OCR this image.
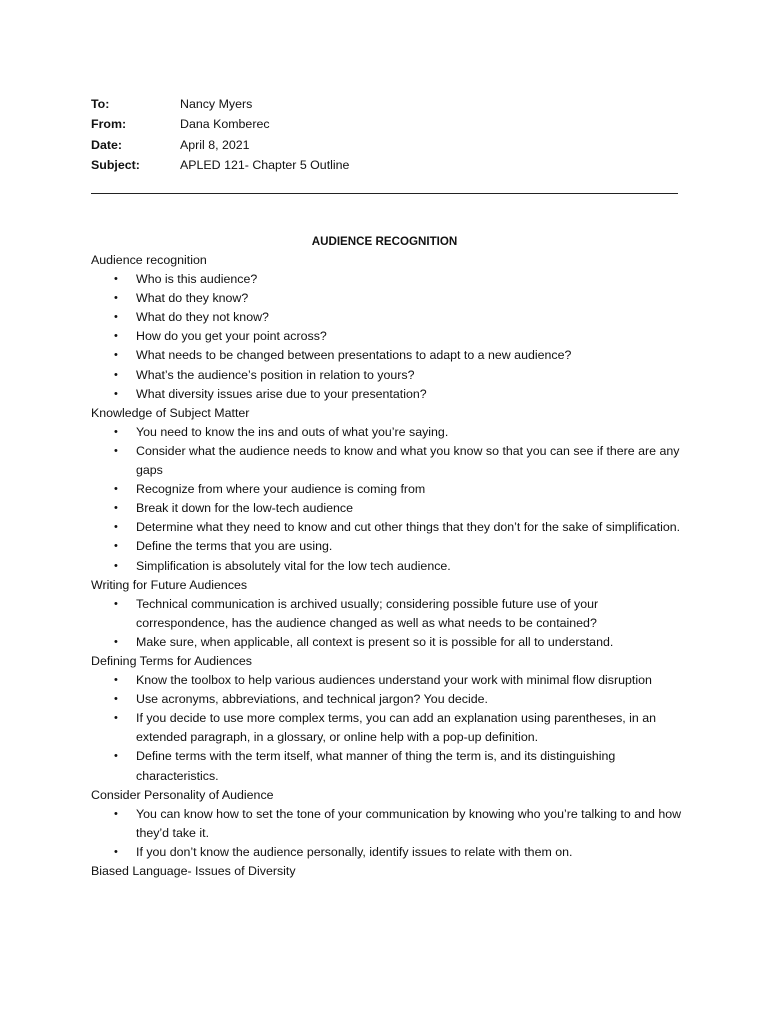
To:	Nancy Myers
From:	Dana Komberec
Date:	April 8, 2021
Subject:	APLED 121- Chapter 5 Outline
AUDIENCE RECOGNITION
Audience recognition
• Who is this audience?
• What do they know?
• What do they not know?
• How do you get your point across?
• What needs to be changed between presentations to adapt to a new audience?
• What’s the audience’s position in relation to yours?
• What diversity issues arise due to your presentation?
Knowledge of Subject Matter
• You need to know the ins and outs of what you’re saying.
• Consider what the audience needs to know and what you know so that you can see if there are any gaps
• Recognize from where your audience is coming from
• Break it down for the low-tech audience
• Determine what they need to know and cut other things that they don’t for the sake of simplification.
• Define the terms that you are using.
• Simplification is absolutely vital for the low tech audience.
Writing for Future Audiences
• Technical communication is archived usually; considering possible future use of your correspondence, has the audience changed as well as what needs to be contained?
• Make sure, when applicable, all context is present so it is possible for all to understand.
Defining Terms for Audiences
• Know the toolbox to help various audiences understand your work with minimal flow disruption
• Use acronyms, abbreviations, and technical jargon? You decide.
• If you decide to use more complex terms, you can add an explanation using parentheses, in an extended paragraph, in a glossary, or online help with a pop-up definition.
• Define terms with the term itself, what manner of thing the term is, and its distinguishing characteristics.
Consider Personality of Audience
• You can know how to set the tone of your communication by knowing who you’re talking to and how they’d take it.
• If you don’t know the audience personally, identify issues to relate with them on.
Biased Language- Issues of Diversity
